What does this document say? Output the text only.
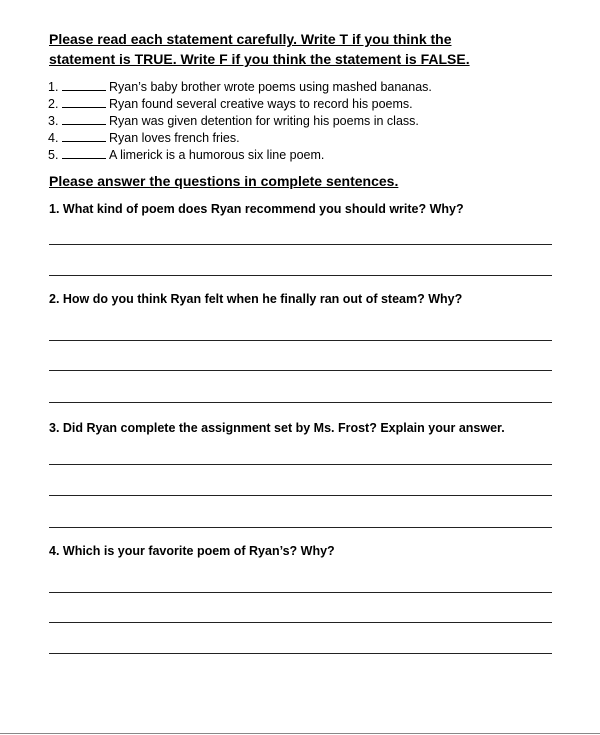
Please read each statement carefully. Write T if you think the
statement is TRUE. Write F if you think the statement is FALSE.
1.	Ryan’s baby brother wrote poems using mashed bananas.
2.	Ryan found several creative ways to record his poems.
3.	Ryan was given detention for writing his poems in class.
4.	Ryan loves french fries.
5.	A limerick is a humorous six line poem.
Please answer the questions in complete sentences.
1. What kind of poem does Ryan recommend you should write? Why?
2. How do you think Ryan felt when he finally ran out of steam? Why?
3. Did Ryan complete the assignment set by Ms. Frost? Explain your answer.
4. Which is your favorite poem of Ryan’s? Why?
